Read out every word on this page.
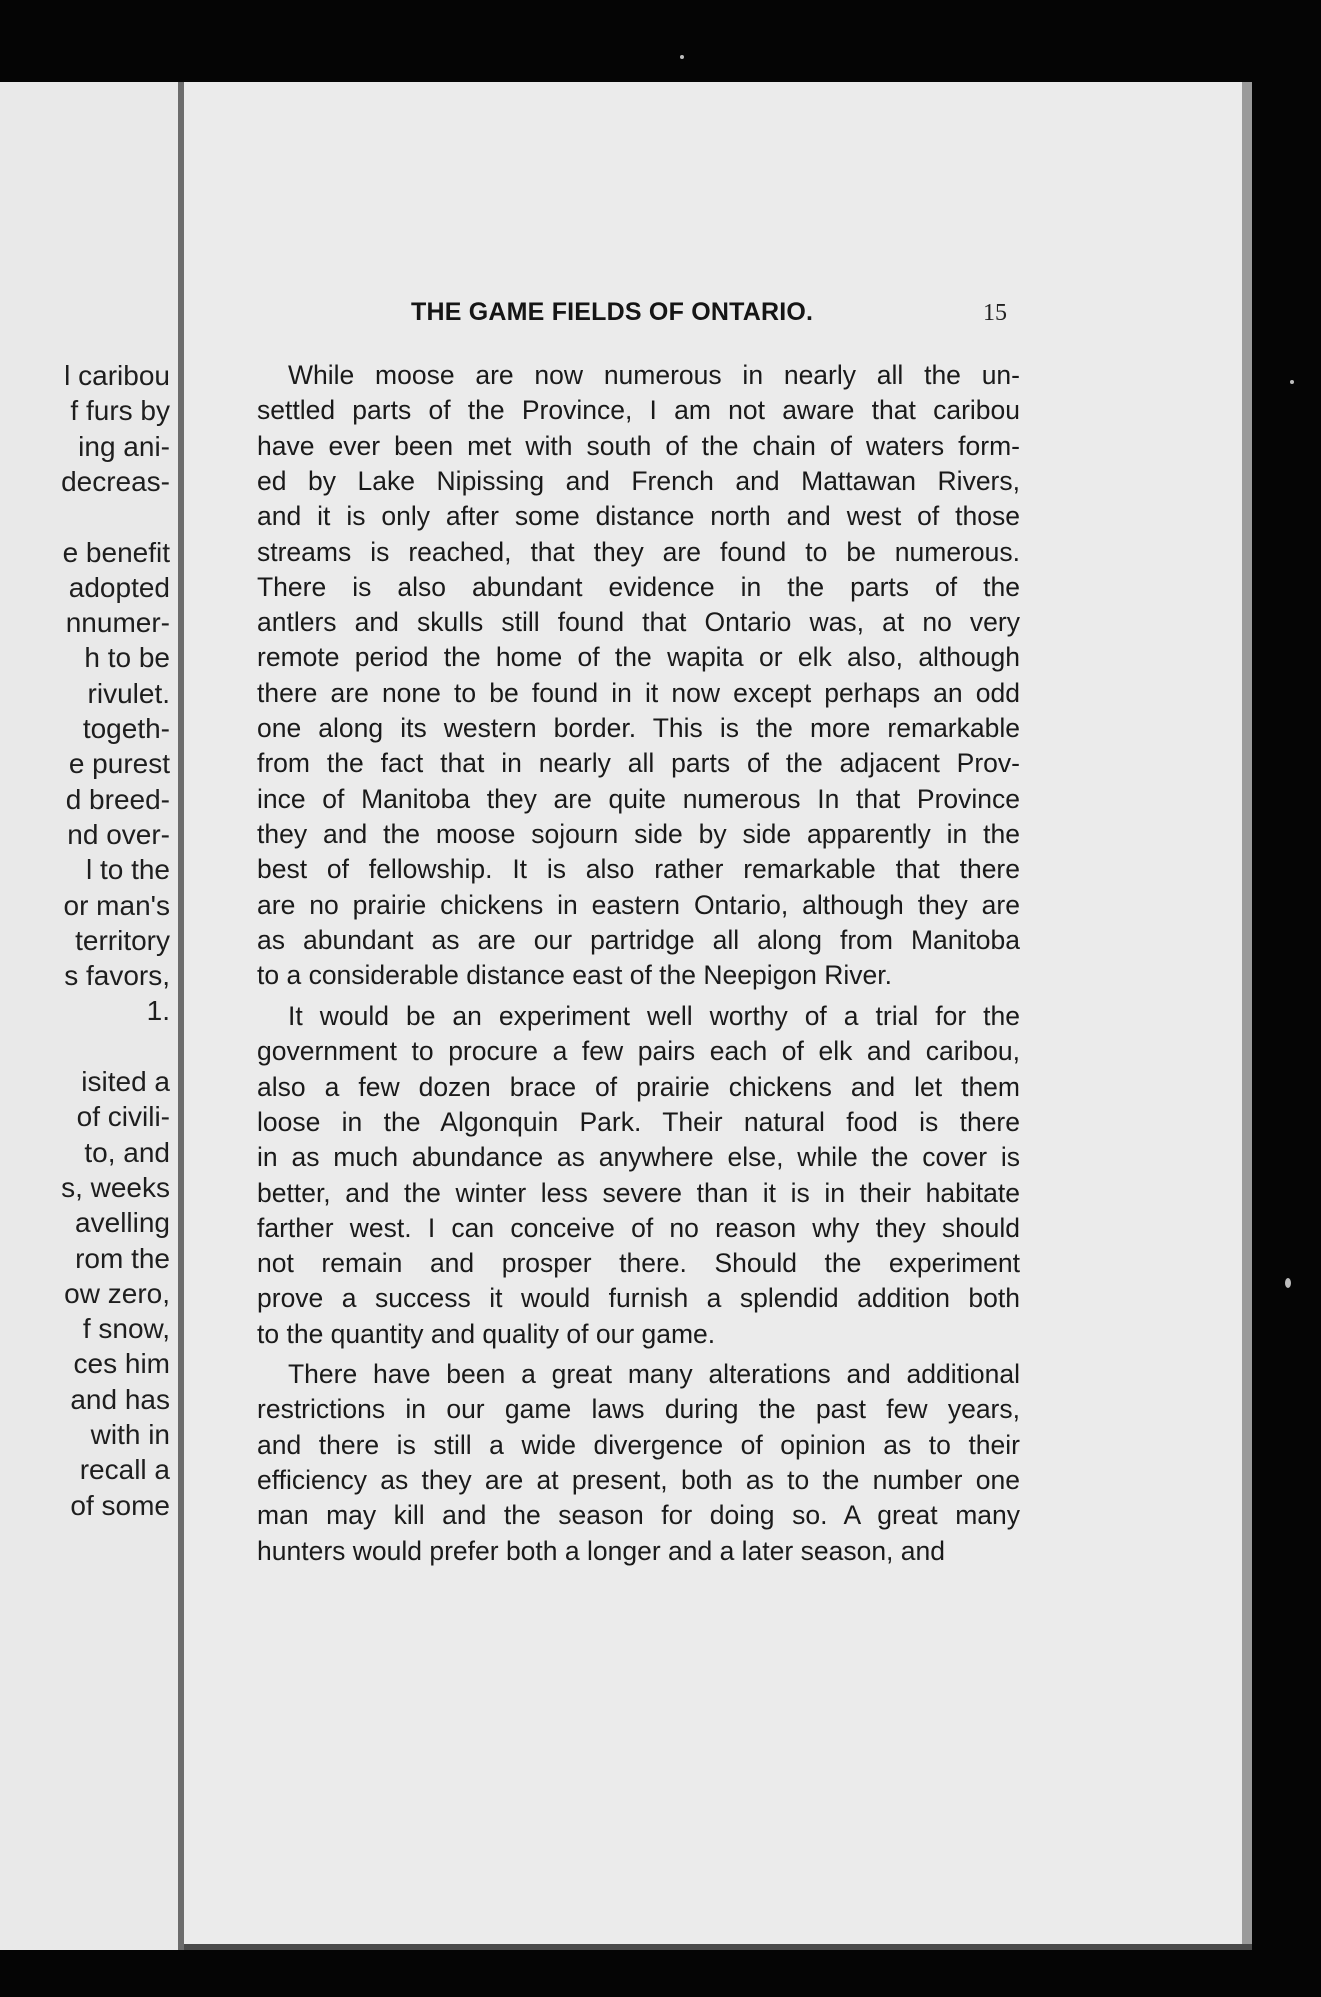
l caribou
f furs by
ing ani-
decreas-
e benefit
adopted
nnumer-
h to be
rivulet.
togeth-
e purest
d breed-
nd over-
l to the
or man's
territory
s favors,
1.
isited a
of civili-
to, and
s, weeks
avelling
rom the
ow zero,
f snow,
ces him
and has
with in
recall a
of some
THE GAME FIELDS OF ONTARIO.	15
While moose are now numerous in nearly all the un-
settled parts of the Province, I am not aware that caribou
have ever been met with south of the chain of waters form-
ed by Lake Nipissing and French and Mattawan Rivers,
and it is only after some distance north and west of those
streams is reached, that they are found to be numerous.
There is also abundant evidence in the parts of the
antlers and skulls still found that Ontario was, at no very
remote period the home of the wapita or elk also, although
there are none to be found in it now except perhaps an odd
one along its western border. This is the more remarkable
from the fact that in nearly all parts of the adjacent Prov-
ince of Manitoba they are quite numerous In that Province
they and the moose sojourn side by side apparently in the
best of fellowship. It is also rather remarkable that there
are no prairie chickens in eastern Ontario, although they are
as abundant as are our partridge all along from Manitoba
to a considerable distance east of the Neepigon River.
It would be an experiment well worthy of a trial for the
government to procure a few pairs each of elk and caribou,
also a few dozen brace of prairie chickens and let them
loose in the Algonquin Park. Their natural food is there
in as much abundance as anywhere else, while the cover is
better, and the winter less severe than it is in their habitate
farther west. I can conceive of no reason why they should
not remain and prosper there. Should the experiment
prove a success it would furnish a splendid addition both
to the quantity and quality of our game.
There have been a great many alterations and additional
restrictions in our game laws during the past few years,
and there is still a wide divergence of opinion as to their
efficiency as they are at present, both as to the number one
man may kill and the season for doing so. A great many
hunters would prefer both a longer and a later season, and
